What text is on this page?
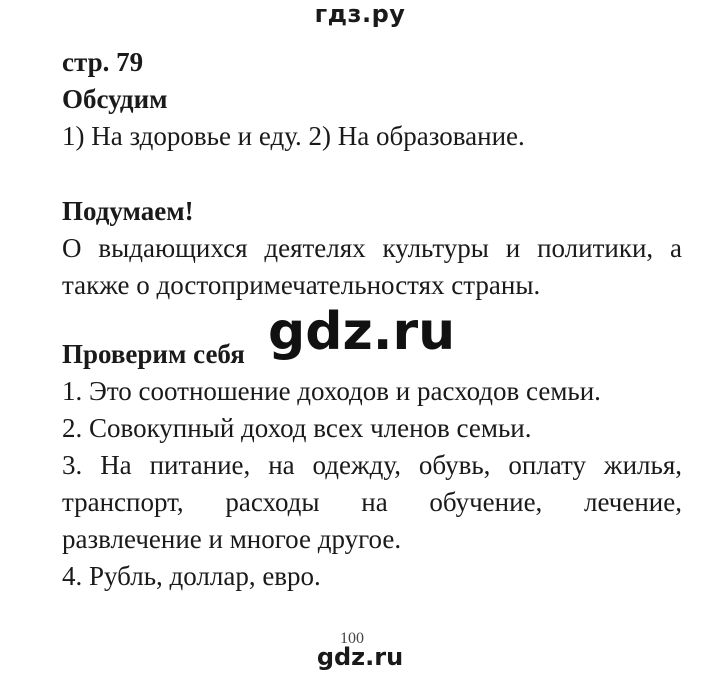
гдз.ру

стр. 79

Обсудим

1) На здоровье и еду. 2) На образование.

Подумаем!

О выдающихся деятелях культуры и политики, а также о достопримечательностях страны.

Проверим себя

1. Это соотношение доходов и расходов семьи.

2. Совокупный доход всех членов семьи.

3. На питание, на одежду, обувь, оплату жилья, транспорт, расходы на обучение, лечение, развлечение и многое другое.

4. Рубль, доллар, евро.

gdz.ru
100
gdz.ru
